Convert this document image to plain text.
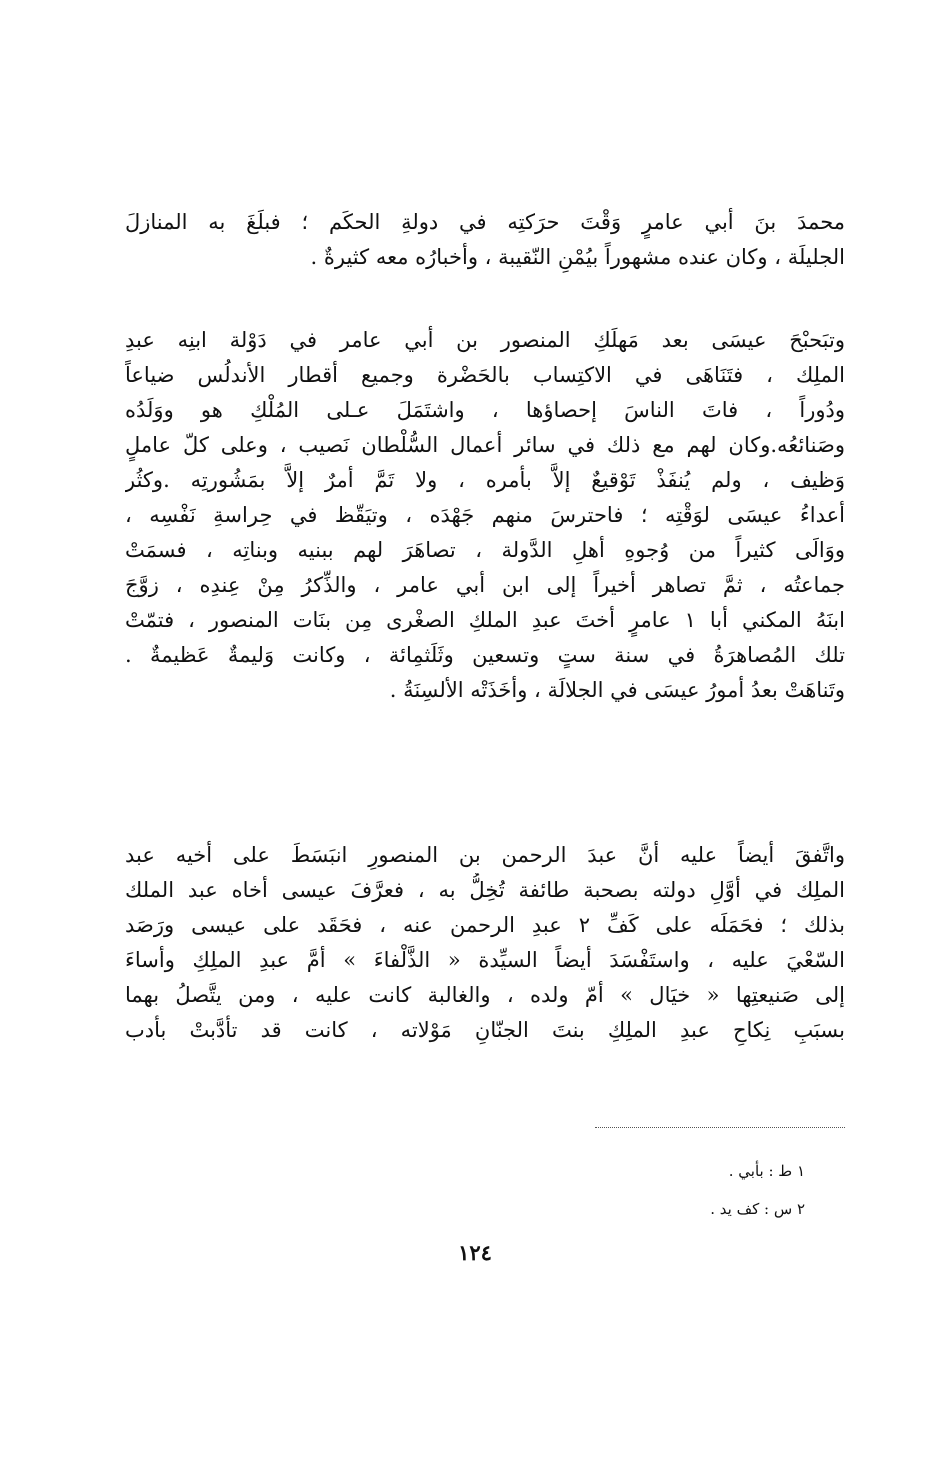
محمدَ بنَ أبي عامرٍ وَقْتَ حرَكتِه في دولةِ الحكَم ؛ فبلَغَ به المنازلَ
الجليلَة ، وكان عنده مشهوراً بيُمْنِ النّقيبة ، وأخبارُه معه كثيرةٌ .
وتبَحبْحَ عيسَى بعد مَهلَكِ المنصور بن أبي عامر في دَوْلة ابنِه عبدِ
الملِك ، فتَنَاهَى في الاكتِساب بالحَضْرة وجميع أقطار الأندلُس ضياعاً
ودُوراً ، فاتَ الناسَ إحصاؤها ، واشتَمَلَ عـلى المُلْكِ هو ووَلَدُه
وصَنائعُه.وكان لهم مع ذلك في سائر أعمال السُّلْطان نَصيب ، وعلى كلّ عاملٍ
وَظيف ، ولم يُنفَذْ تَوْقيعٌ إلاَّ بأمره ، ولا تَمَّ أمرٌ إلاَّ بمَشُورتِه .وكثُر
أعداءُ عيسَى لوَقْتِه ؛ فاحترسَ منهم جَهْدَه ، وتيَقّظ في حِراسةِ نَفْسِه ،
ووَالَى كثيراً من وُجوهِ أهلِ الدَّولة ، تصاهَرَ لهم ببنيه وبناتِه ، فسمَتْ
جماعتُه ، ثمَّ تصاهر أخيراً إلى ابن أبي عامر ، والذِّكرُ مِنْ عِندِه ، زوَّجَ
ابنَهُ المكني أبا ١ عامرٍ أختَ عبدِ الملكِ الصغْرى مِن بنَات المنصور ، فتمّتْ
تلك المُصاهرَةُ في سنة ستٍ وتسعين وثَلَثمِائة ، وكانت وَليمةٌ عَظيمةٌ .
وتَناهَتْ بعدُ أمورُ عيسَى في الجلالَة ، وأخَذَتْه الألسِنَةُ .
واتَّفقَ أيضاً عليه أنَّ عبدَ الرحمن بن المنصورِ انبَسَطَ على أخيه عبد
الملِك في أوَّلِ دولته بصحبة طائفة تُخِلُّ به ، فعرَّفَ عيسى أخاه عبد الملك
بذلك ؛ فحَمَلَه على كَفِّ ٢ عبدِ الرحمن عنه ، فحَقَد على عيسى ورَصَد
السّعْيَ عليه ، واستَفْسَدَ أيضاً السيِّدة « الذَّلْفاءَ » أمَّ عبدِ الملِكِ وأساءَ
إلى صَنيعتِها « خيَال » أمّ ولده ، والغالبة كانت عليه ، ومن يتَّصلُ بهما
بسبَبِ نِكاحِ عبدِ الملِكِ بنتَ الجنّانِ مَوْلاته ، كانت قد تأدَّبتْ بأدب
١ ط : بأبي .
٢ س : كف يد .
١٢٤
